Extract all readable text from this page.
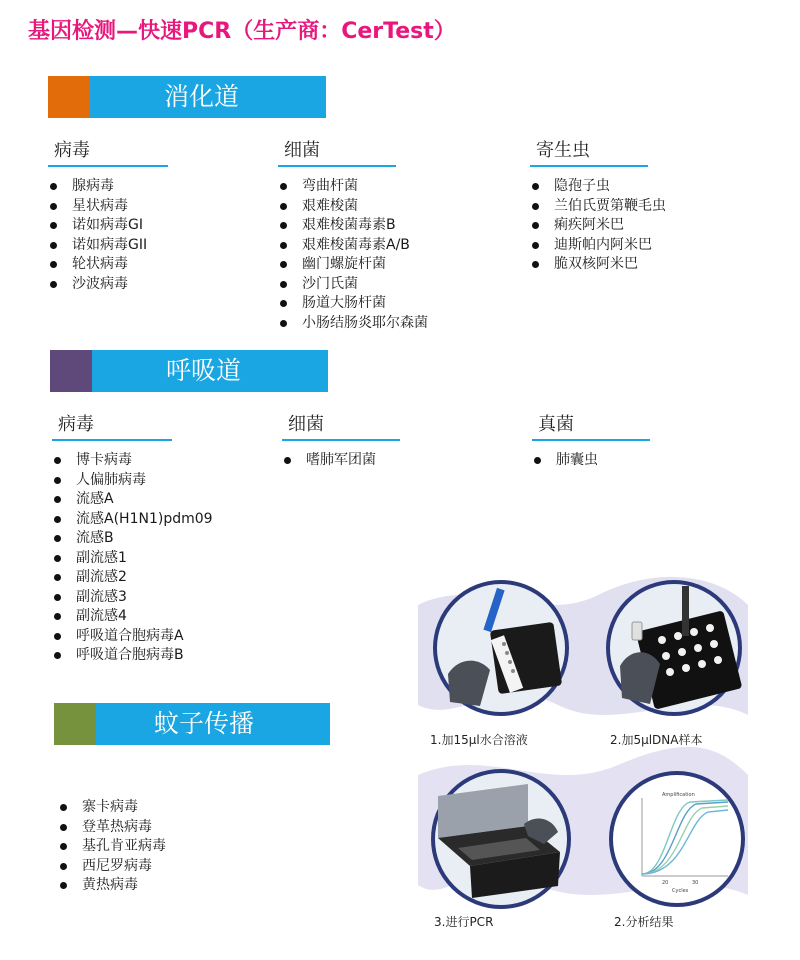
基因检测—快速PCR（生产商：CerTest）
消化道
病毒
腺病毒
星状病毒
诺如病毒GI
诺如病毒GII
轮状病毒
沙波病毒
细菌
弯曲杆菌
艰难梭菌
艰难梭菌毒素B
艰难梭菌毒素A/B
幽门螺旋杆菌
沙门氏菌
肠道大肠杆菌
小肠结肠炎耶尔森菌
寄生虫
隐孢子虫
兰伯氏贾第鞭毛虫
痢疾阿米巴
迪斯帕内阿米巴
脆双核阿米巴
呼吸道
病毒
博卡病毒
人偏肺病毒
流感A
流感A(H1N1)pdm09
流感B
副流感1
副流感2
副流感3
副流感4
呼吸道合胞病毒A
呼吸道合胞病毒B
细菌
嗜肺军团菌
真菌
肺囊虫
蚊子传播
寨卡病毒
登革热病毒
基孔肯亚病毒
西尼罗病毒
黄热病毒
1.加15μl水合溶液	2.加5μlDNA样本
3.进行PCR
Amplification
20	30
Cycles
2.分析结果
